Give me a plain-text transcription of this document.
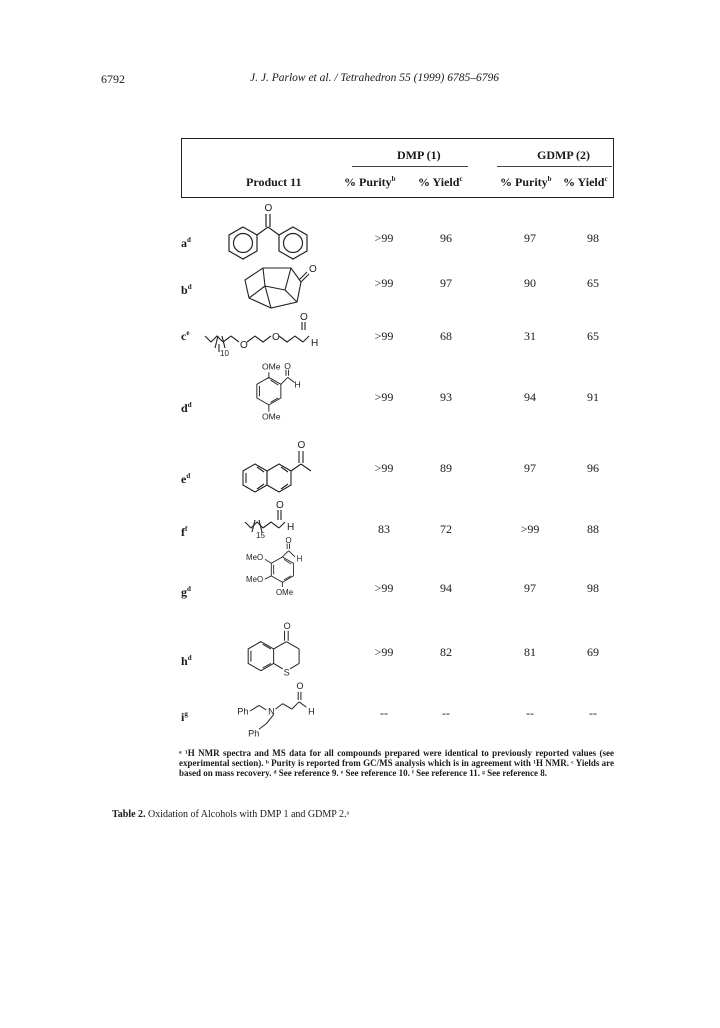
6792	J. J. Parlow et al. / Tetrahedron 55 (1999) 6785–6796
DMP (1)	GDMP (2)
Product 11	% Purity$^b$ % Yield$^c$	% Purity$^b$ % Yield$^c$
$a^d$
O
>99	96	97	98
$b^d$
O
>99	97	90	65
$c^e$
O
O
O
H
10
>99	68	31	65
$d^d$
OMe O
H
OMe
>99	93	94	91
$e^d$
O
>99	89	97	96
$f^f$
O
H
15	83	72	>99	88
$g^d$
O
H
MeO
MeO
OMe	>99	94	97	98
$h^d$
O
S
>99	82	81	69
$i^g$
O
Ph N	H
Ph
--	--	--	--
ᵃ ¹H NMR spectra and MS data for all compounds prepared were identical to previously reported values (see experimental section). ᵇ Purity is reported from GC/MS analysis which is in agreement with ¹H NMR. ᶜ Yields are based on mass recovery. ᵈ See reference 9. ᵉ See reference 10. ᶠ See reference 11. ᵍ See reference 8.
Table 2. Oxidation of Alcohols with DMP 1 and GDMP 2.ᵃ
